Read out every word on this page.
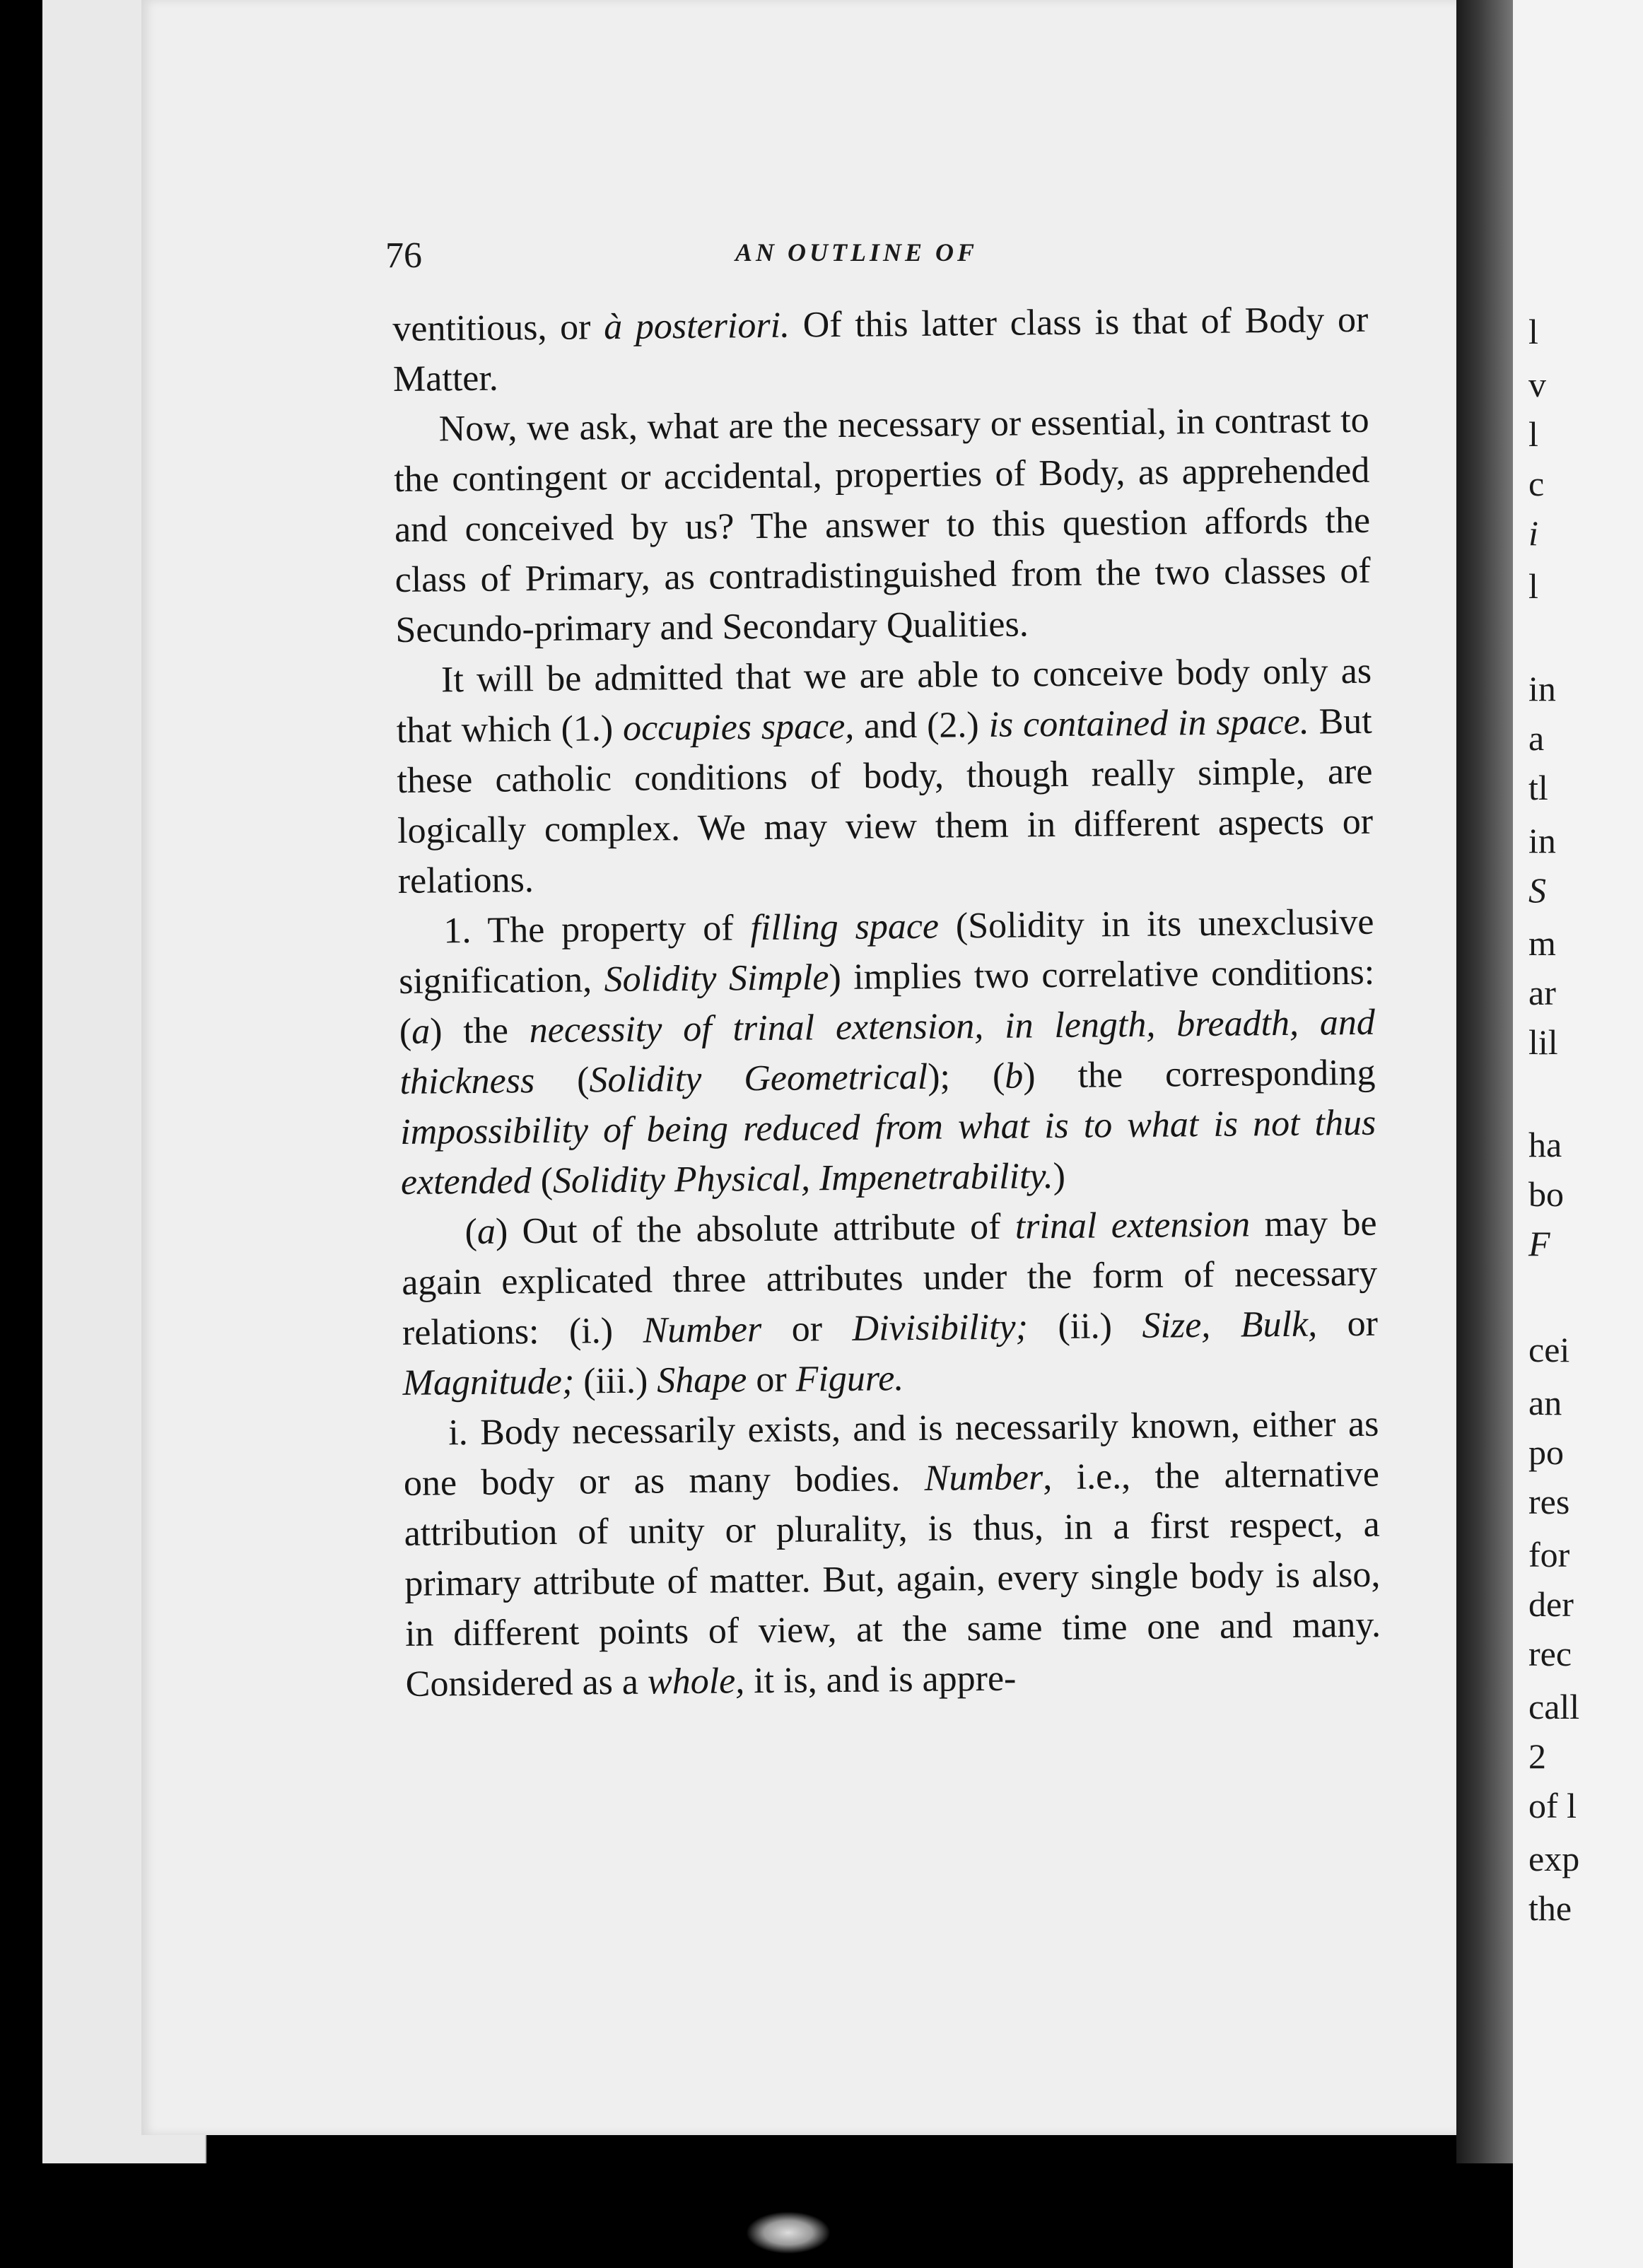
l
v
l
c
i
l
in
a
tl
in
S
m
ar
lil
ha
bo
F
cei
an
po
res
for
der
rec
call
2
of l
exp
the
76	AN OUTLINE OF

ventitious, or à posteriori. Of this latter class is that of Body or Matter.

Now, we ask, what are the necessary or essential, in contrast to the contingent or accidental, properties of Body, as apprehended and conceived by us? The answer to this question affords the class of Primary, as contradistinguished from the two classes of Secundo-primary and Secondary Qualities.

It will be admitted that we are able to conceive body only as that which (1.) occupies space, and (2.) is contained in space. But these catholic conditions of body, though really simple, are logically complex. We may view them in different aspects or relations.

1. The property of filling space (Solidity in its unexclusive signification, Solidity Simple) implies two correlative conditions: (a) the necessity of trinal extension, in length, breadth, and thickness (Solidity Geometrical); (b) the corresponding impossibility of being reduced from what is to what is not thus extended (Solidity Physical, Impenetrability.)

(a) Out of the absolute attribute of trinal extension may be again explicated three attributes under the form of necessary relations: (i.) Number or Divisibility; (ii.) Size, Bulk, or Magnitude; (iii.) Shape or Figure.

i. Body necessarily exists, and is necessarily known, either as one body or as many bodies. Number, i.e., the alternative attribution of unity or plurality, is thus, in a first respect, a primary attribute of matter. But, again, every single body is also, in different points of view, at the same time one and many. Considered as a whole, it is, and is appre-
